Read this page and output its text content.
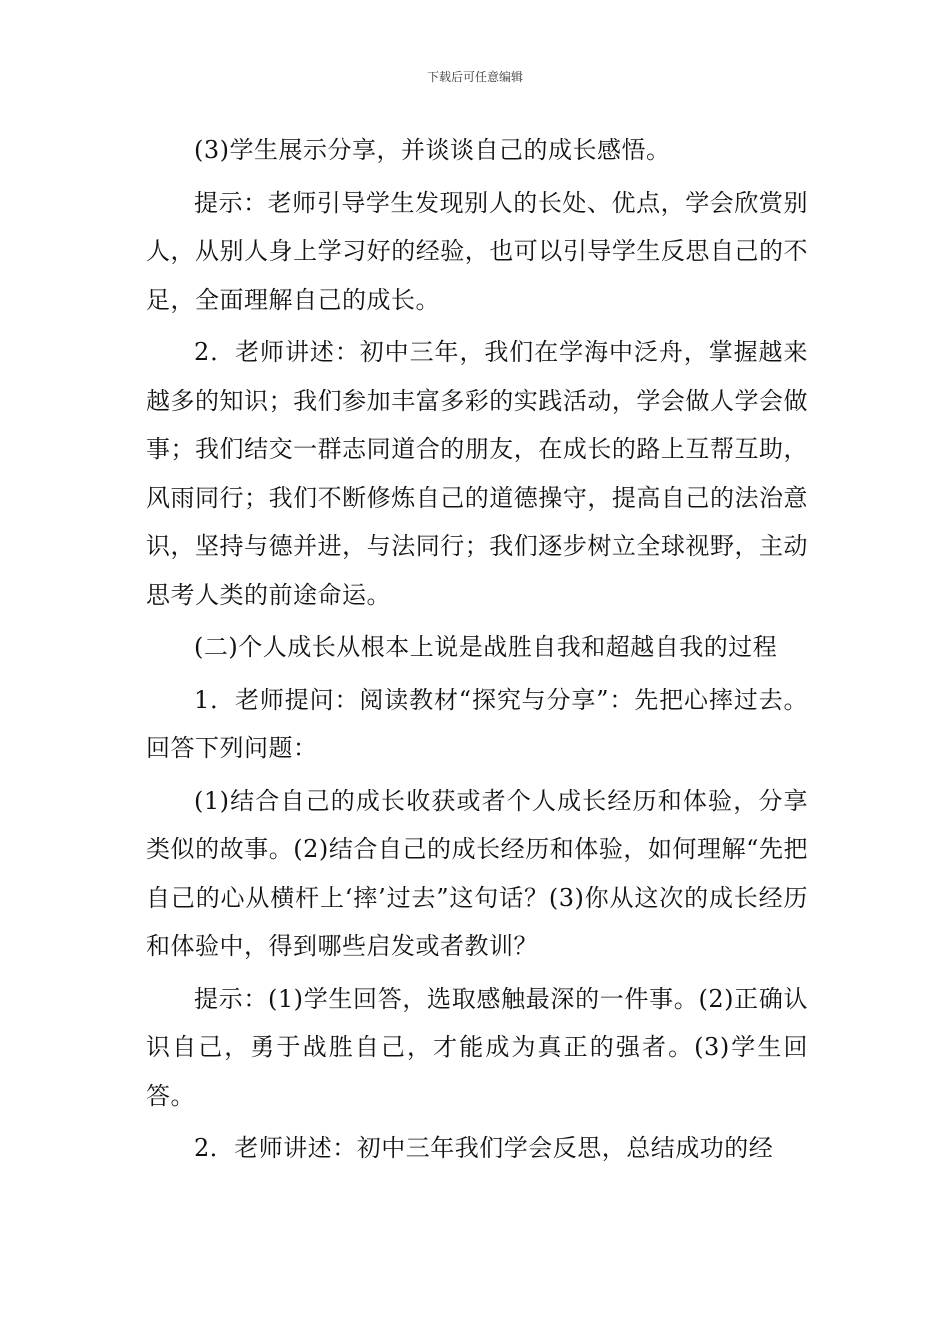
下载后可任意编辑

(3)学生展示分享，并谈谈自己的成长感悟。

提示：老师引导学生发现别人的长处、优点，学会欣赏别人，从别人身上学习好的经验，也可以引导学生反思自己的不足，全面理解自己的成长。

2．老师讲述：初中三年，我们在学海中泛舟，掌握越来越多的知识；我们参加丰富多彩的实践活动，学会做人学会做事；我们结交一群志同道合的朋友，在成长的路上互帮互助，风雨同行；我们不断修炼自己的道德操守，提高自己的法治意识，坚持与德并进，与法同行；我们逐步树立全球视野，主动思考人类的前途命运。

(二)个人成长从根本上说是战胜自我和超越自我的过程

1．老师提问：阅读教材“探究与分享”：先把心摔过去。回答下列问题：

(1)结合自己的成长收获或者个人成长经历和体验，分享类似的故事。(2)结合自己的成长经历和体验，如何理解“先把自己的心从横杆上‘摔’过去”这句话？(3)你从这次的成长经历和体验中，得到哪些启发或者教训？

提示：(1)学生回答，选取感触最深的一件事。(2)正确认识自己，勇于战胜自己，才能成为真正的强者。(3)学生回答。

2．老师讲述：初中三年我们学会反思，总结成功的经
